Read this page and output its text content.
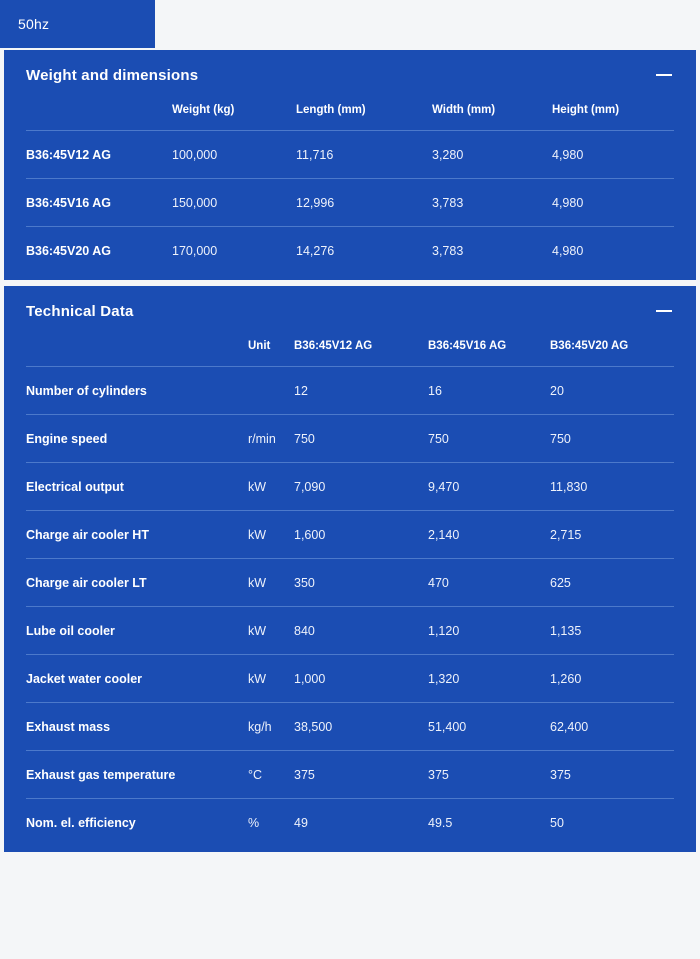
50hz
Weight and dimensions
	Weight (kg)	Length (mm)	Width (mm)	Height (mm)
B36:45V12 AG	100,000	11,716	3,280	4,980
B36:45V16 AG	150,000	12,996	3,783	4,980
B36:45V20 AG	170,000	14,276	3,783	4,980
Technical Data
	Unit	B36:45V12 AG	B36:45V16 AG	B36:45V20 AG
Number of cylinders		12	16	20
Engine speed	r/min	750	750	750
Electrical output	kW	7,090	9,470	11,830
Charge air cooler HT	kW	1,600	2,140	2,715
Charge air cooler LT	kW	350	470	625
Lube oil cooler	kW	840	1,120	1,135
Jacket water cooler	kW	1,000	1,320	1,260
Exhaust mass	kg/h	38,500	51,400	62,400
Exhaust gas temperature	°C	375	375	375
Nom. el. efficiency	%	49	49.5	50
